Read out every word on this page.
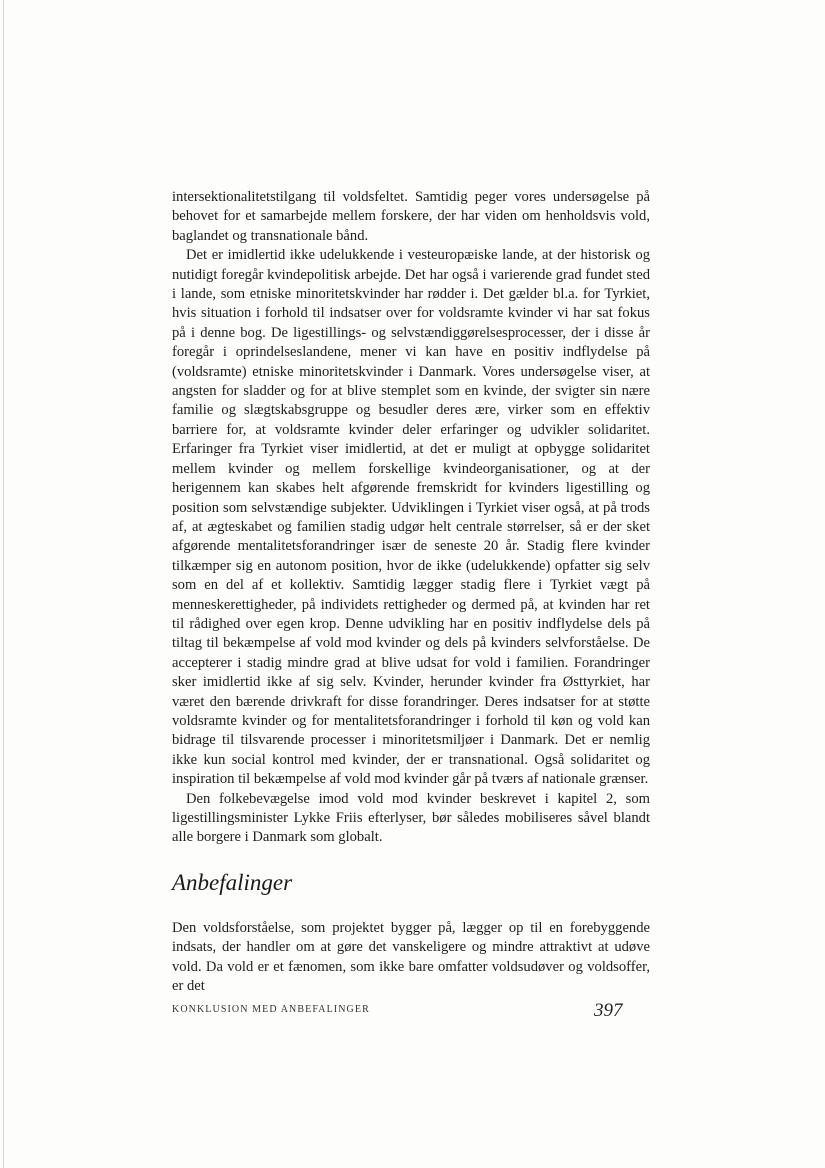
intersektionalitetstilgang til voldsfeltet. Samtidig peger vores undersøgelse på behovet for et samarbejde mellem forskere, der har viden om henholdsvis vold, baglandet og transnationale bånd.

Det er imidlertid ikke udelukkende i vesteuropæiske lande, at der historisk og nutidigt foregår kvindepolitisk arbejde. Det har også i varierende grad fundet sted i lande, som etniske minoritetskvinder har rødder i. Det gælder bl.a. for Tyrkiet, hvis situation i forhold til indsatser over for voldsramte kvinder vi har sat fokus på i denne bog. De ligestillings- og selvstændiggørelsesprocesser, der i disse år foregår i oprindelseslandene, mener vi kan have en positiv indflydelse på (voldsramte) etniske minoritetskvinder i Danmark. Vores undersøgelse viser, at angsten for sladder og for at blive stemplet som en kvinde, der svigter sin nære familie og slægtskabsgruppe og besudler deres ære, virker som en effektiv barriere for, at voldsramte kvinder deler erfaringer og udvikler solidaritet. Erfaringer fra Tyrkiet viser imidlertid, at det er muligt at opbygge solidaritet mellem kvinder og mellem forskellige kvindeorganisationer, og at der herigennem kan skabes helt afgørende fremskridt for kvinders ligestilling og position som selvstændige subjekter. Udviklingen i Tyrkiet viser også, at på trods af, at ægteskabet og familien stadig udgør helt centrale størrelser, så er der sket afgørende mentalitetsforandringer især de seneste 20 år. Stadig flere kvinder tilkæmper sig en autonom position, hvor de ikke (udelukkende) opfatter sig selv som en del af et kollektiv. Samtidig lægger stadig flere i Tyrkiet vægt på menneskerettigheder, på individets rettigheder og dermed på, at kvinden har ret til rådighed over egen krop. Denne udvikling har en positiv indflydelse dels på tiltag til bekæmpelse af vold mod kvinder og dels på kvinders selvforståelse. De accepterer i stadig mindre grad at blive udsat for vold i familien. Forandringer sker imidlertid ikke af sig selv. Kvinder, herunder kvinder fra Østtyrkiet, har været den bærende drivkraft for disse forandringer. Deres indsatser for at støtte voldsramte kvinder og for mentalitetsforandringer i forhold til køn og vold kan bidrage til tilsvarende processer i minoritetsmiljøer i Danmark. Det er nemlig ikke kun social kontrol med kvinder, der er transnational. Også solidaritet og inspiration til bekæmpelse af vold mod kvinder går på tværs af nationale grænser.

Den folkebevægelse imod vold mod kvinder beskrevet i kapitel 2, som ligestillingsminister Lykke Friis efterlyser, bør således mobiliseres såvel blandt alle borgere i Danmark som globalt.

Anbefalinger

Den voldsforståelse, som projektet bygger på, lægger op til en forebyggende indsats, der handler om at gøre det vanskeligere og mindre attraktivt at udøve vold. Da vold er et fænomen, som ikke bare omfatter voldsudøver og voldsoffer, er det

KONKLUSION MED ANBEFALINGER	397
